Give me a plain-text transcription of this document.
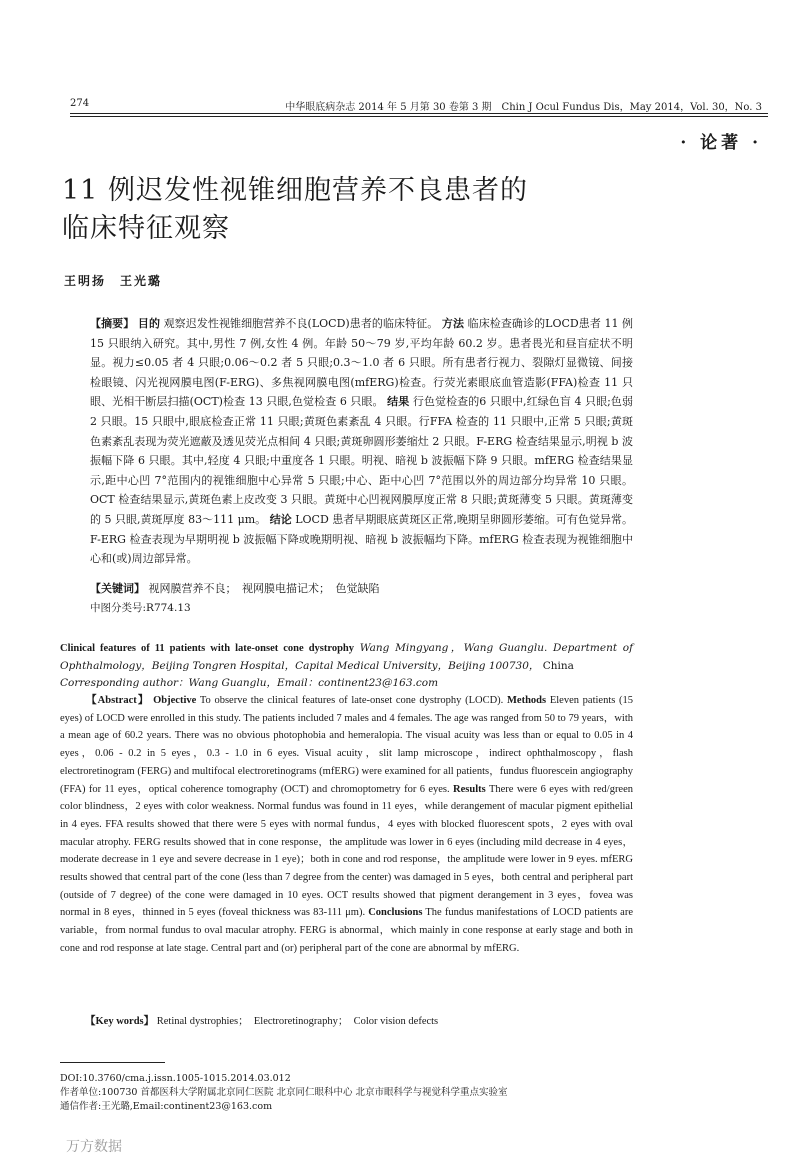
274	中华眼底病杂志 2014 年 5 月第 30 卷第 3 期　Chin J Ocul Fundus Dis，May 2014，Vol. 30，No. 3
· 论著 ·
11 例迟发性视锥细胞营养不良患者的
临床特征观察
王明扬　王光璐
【摘要】 目的 观察迟发性视锥细胞营养不良(LOCD)患者的临床特征。 方法 临床检查确诊的LOCD患者 11 例 15 只眼纳入研究。其中,男性 7 例,女性 4 例。年龄 50～79 岁,平均年龄 60.2 岁。患者畏光和昼盲症状不明显。视力≤0.05 者 4 只眼;0.06～0.2 者 5 只眼;0.3～1.0 者 6 只眼。所有患者行视力、裂隙灯显微镜、间接检眼镜、闪光视网膜电图(F-ERG)、多焦视网膜电图(mfERG)检查。行荧光素眼底血管造影(FFA)检查 11 只眼、光相干断层扫描(OCT)检查 13 只眼,色觉检查 6 只眼。 结果 行色觉检查的6 只眼中,红绿色盲 4 只眼;色弱 2 只眼。15 只眼中,眼底检查正常 11 只眼;黄斑色素紊乱 4 只眼。行FFA 检查的 11 只眼中,正常 5 只眼;黄斑色素紊乱表现为荧光遮蔽及透见荧光点相间 4 只眼;黄斑卵圆形萎缩灶 2 只眼。F-ERG 检查结果显示,明视 b 波振幅下降 6 只眼。其中,轻度 4 只眼;中重度各 1 只眼。明视、暗视 b 波振幅下降 9 只眼。mfERG 检查结果显示,距中心凹 7°范围内的视锥细胞中心异常 5 只眼;中心、距中心凹 7°范围以外的周边部分均异常 10 只眼。OCT 检查结果显示,黄斑色素上皮改变 3 只眼。黄斑中心凹视网膜厚度正常 8 只眼;黄斑薄变 5 只眼。黄斑薄变的 5 只眼,黄斑厚度 83～111 μm。 结论 LOCD 患者早期眼底黄斑区正常,晚期呈卵圆形萎缩。可有色觉异常。F-ERG 检查表现为早期明视 b 波振幅下降或晚期明视、暗视 b 波振幅均下降。mfERG 检查表现为视锥细胞中心和(或)周边部异常。
【关键词】 视网膜营养不良；　视网膜电描记术；　色觉缺陷
中图分类号:R774.13
Clinical features of 11 patients with late-onset cone dystrophy Wang Mingyang，Wang Guanglu. Department of Ophthalmology，Beijing Tongren Hospital，Capital Medical University，Beijing 100730， China
Corresponding author：Wang Guanglu，Email：continent23@163.com
【Abstract】 Objective To observe the clinical features of late-onset cone dystrophy (LOCD). Methods Eleven patients (15 eyes) of LOCD were enrolled in this study. The patients included 7 males and 4 females. The age was ranged from 50 to 79 years，with a mean age of 60.2 years. There was no obvious photophobia and hemeralopia. The visual acuity was less than or equal to 0.05 in 4 eyes，0.06 - 0.2 in 5 eyes，0.3 - 1.0 in 6 eyes. Visual acuity，slit lamp microscope，indirect ophthalmoscopy，flash electroretinogram (FERG) and multifocal electroretinograms (mfERG) were examined for all patients，fundus fluorescein angiography (FFA) for 11 eyes，optical coherence tomography (OCT) and chromoptometry for 6 eyes. Results There were 6 eyes with red/green color blindness，2 eyes with color weakness. Normal fundus was found in 11 eyes，while derangement of macular pigment epithelial in 4 eyes. FFA results showed that there were 5 eyes with normal fundus，4 eyes with blocked fluorescent spots，2 eyes with oval macular atrophy. FERG results showed that in cone response，the amplitude was lower in 6 eyes (including mild decrease in 4 eyes，moderate decrease in 1 eye and severe decrease in 1 eye)；both in cone and rod response，the amplitude were lower in 9 eyes. mfERG results showed that central part of the cone (less than 7 degree from the center) was damaged in 5 eyes，both central and peripheral part (outside of 7 degree) of the cone were damaged in 10 eyes. OCT results showed that pigment derangement in 3 eyes，fovea was normal in 8 eyes，thinned in 5 eyes (foveal thickness was 83-111 μm). Conclusions The fundus manifestations of LOCD patients are variable，from normal fundus to oval macular atrophy. FERG is abnormal，which mainly in cone response at early stage and both in cone and rod response at late stage. Central part and (or) peripheral part of the cone are abnormal by mfERG.
【Key words】 Retinal dystrophies；　Electroretinography；　Color vision defects
DOI:10.3760/cma.j.issn.1005-1015.2014.03.012
作者单位:100730 首都医科大学附属北京同仁医院 北京同仁眼科中心 北京市眼科学与视觉科学重点实验室
通信作者:王光璐,Email:continent23@163.com
万方数据
